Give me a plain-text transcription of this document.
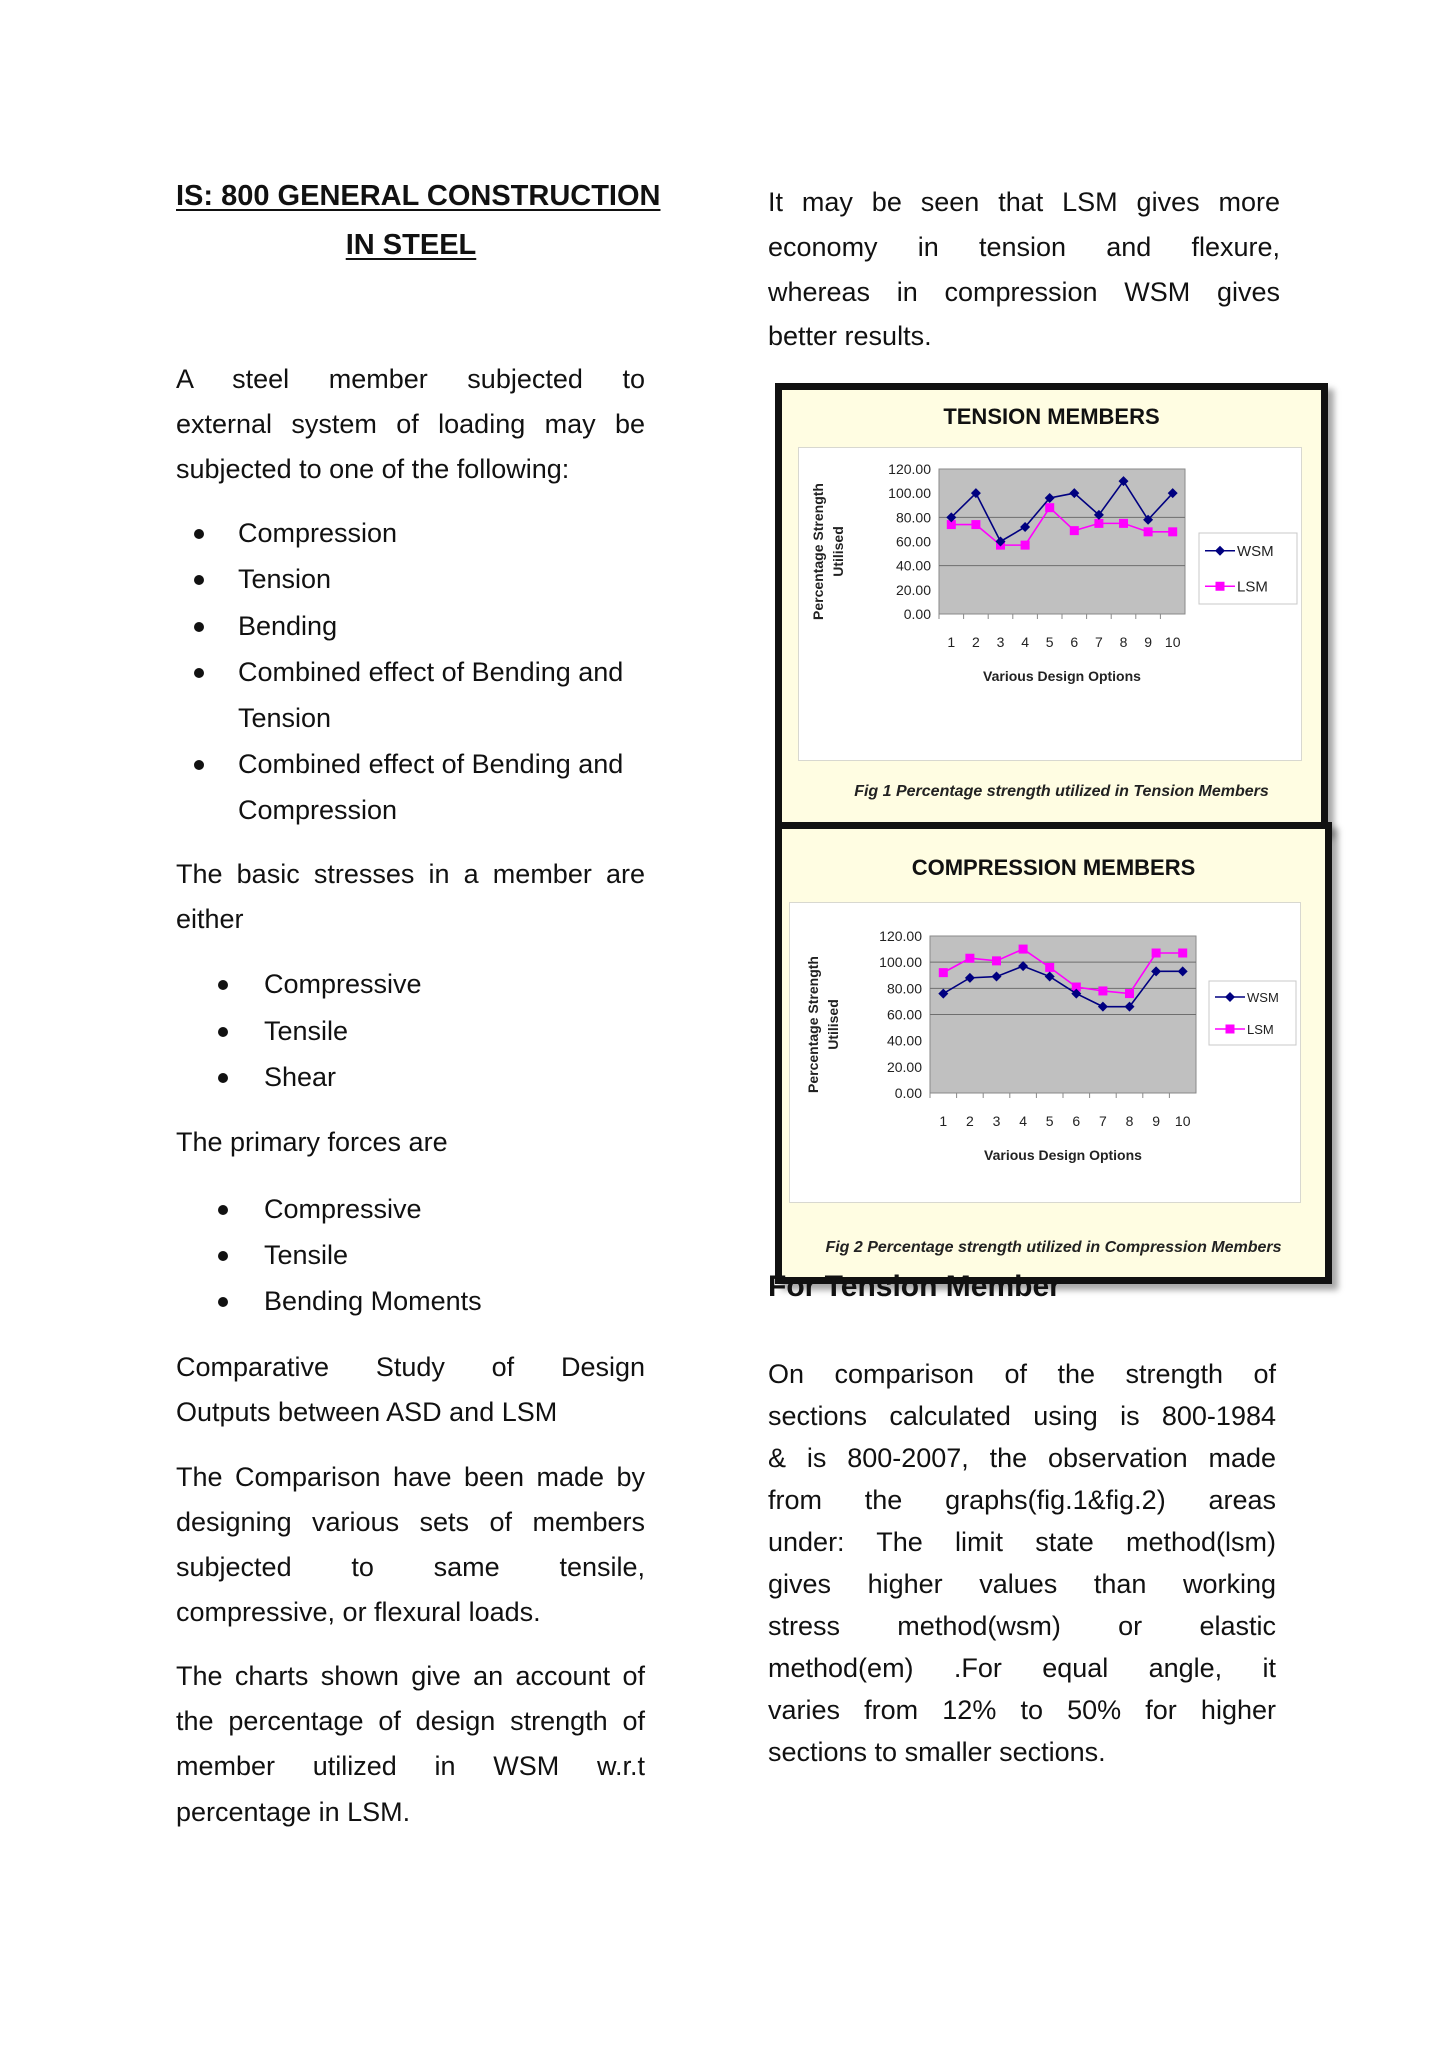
IS: 800 GENERAL CONSTRUCTION
IN STEEL
A steel member subjected to
external system of loading may be
subjected to one of the following:
Compression
Tension
Bending
Combined effect of Bending and
Tension
Combined effect of Bending and
Compression
The basic stresses in a member are
either
Compressive
Tensile
Shear
The primary forces are
Compressive
Tensile
Bending Moments
Comparative Study of Design
Outputs between ASD and LSM
The Comparison have been made by
designing various sets of members
subjected to same tensile,
compressive, or flexural loads.
The charts shown give an account of
the percentage of design strength of
member utilized in WSM w.r.t
percentage in LSM.
It may be seen that LSM gives more
economy in tension and flexure,
whereas in compression WSM gives
better results.
TENSION MEMBERS
0.00
20.00
40.00
60.00
80.00
100.00
120.00
1 2 3 4 5 6 7 8 9 10
Various Design Options
Percentage Strength Utilised	WSM
LSM
Fig 1 Percentage strength utilized in Tension Members
COMPRESSION MEMBERS
0.00
20.00
40.00
60.00
80.00
100.00
120.00
1 2 3 4 5 6 7 8 9 10
Various Design Options
Percentage Strength Utilised
WSM
LSM
Fig 2 Percentage strength utilized in Compression Members
For Tension Member
On comparison of the strength of
sections calculated using is 800-1984
& is 800-2007, the observation made
from the graphs(fig.1&fig.2) areas
under: The limit state method(lsm)
gives higher values than working
stress method(wsm) or elastic
method(em) .For equal angle, it
varies from 12% to 50% for higher
sections to smaller sections.
